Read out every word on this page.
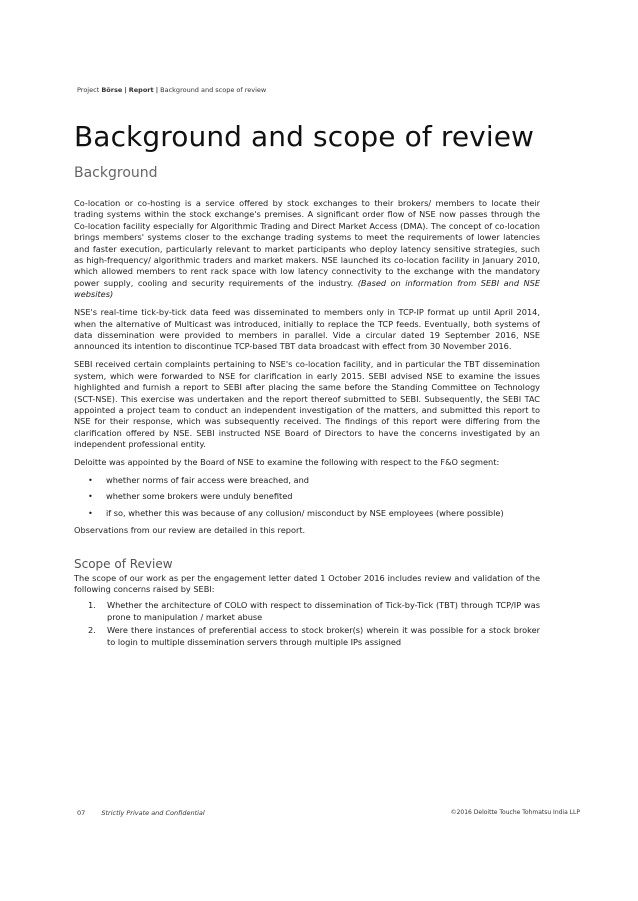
Project Börse | Report | Background and scope of review
Background and scope of review
Background

Co-location or co-hosting is a service offered by stock exchanges to their brokers/ members to locate their trading systems within the stock exchange's premises. A significant order flow of NSE now passes through the Co-location facility especially for Algorithmic Trading and Direct Market Access (DMA). The concept of co-location brings members' systems closer to the exchange trading systems to meet the requirements of lower latencies and faster execution, particularly relevant to market participants who deploy latency sensitive strategies, such as high-frequency/ algorithmic traders and market makers. NSE launched its co-location facility in January 2010, which allowed members to rent rack space with low latency connectivity to the exchange with the mandatory power supply, cooling and security requirements of the industry. (Based on information from SEBI and NSE websites)

NSE's real-time tick-by-tick data feed was disseminated to members only in TCP-IP format up until April 2014, when the alternative of Multicast was introduced, initially to replace the TCP feeds. Eventually, both systems of data dissemination were provided to members in parallel. Vide a circular dated 19 September 2016, NSE announced its intention to discontinue TCP-based TBT data broadcast with effect from 30 November 2016.

SEBI received certain complaints pertaining to NSE's co-location facility, and in particular the TBT dissemination system, which were forwarded to NSE for clarification in early 2015. SEBI advised NSE to examine the issues highlighted and furnish a report to SEBI after placing the same before the Standing Committee on Technology (SCT-NSE). This exercise was undertaken and the report thereof submitted to SEBI. Subsequently, the SEBI TAC appointed a project team to conduct an independent investigation of the matters, and submitted this report to NSE for their response, which was subsequently received. The findings of this report were differing from the clarification offered by NSE. SEBI instructed NSE Board of Directors to have the concerns investigated by an independent professional entity.

Deloitte was appointed by the Board of NSE to examine the following with respect to the F&O segment:

• whether norms of fair access were breached, and
• whether some brokers were unduly benefited
• if so, whether this was because of any collusion/ misconduct by NSE employees (where possible)

Observations from our review are detailed in this report.

Scope of Review

The scope of our work as per the engagement letter dated 1 October 2016 includes review and validation of the following concerns raised by SEBI:

1. Whether the architecture of COLO with respect to dissemination of Tick-by-Tick (TBT) through TCP/IP was prone to manipulation / market abuse
2. Were there instances of preferential access to stock broker(s) wherein it was possible for a stock broker to login to multiple dissemination servers through multiple IPs assigned
07 Strictly Private and Confidential	©2016 Deloitte Touche Tohmatsu India LLP
